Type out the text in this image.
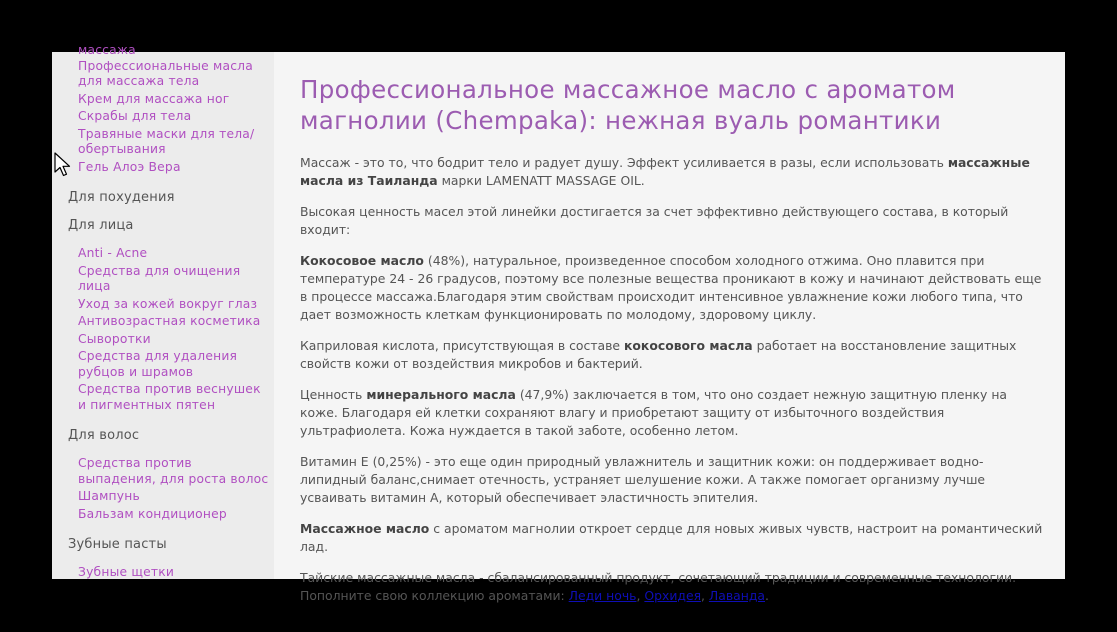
массажа
Профессиональные масла для массажа тела
Крем для массажа ног
Скрабы для тела
Травяные маски для тела/обертывания
Гель Алоэ Вера
Для похудения
Для лица
Anti - Acne
Средства для очищения лица
Уход за кожей вокруг глаз
Антивозрастная косметика
Сыворотки
Средства для удаления рубцов и шрамов
Средства против веснушек и пигментных пятен
Для волос
Средства против выпадения, для роста волос
Шампунь
Бальзам кондиционер
Зубные пасты
Зубные щетки
Профессиональное массажное масло с ароматом магнолии (Chempaka): нежная вуаль романтики

Массаж - это то, что бодрит тело и радует душу. Эффект усиливается в разы, если использовать массажные масла из Таиланда марки LAMENATT MASSAGE OIL.

Высокая ценность масел этой линейки достигается за счет эффективно действующего состава, в который входит:

Кокосовое масло (48%), натуральное, произведенное способом холодного отжима. Оно плавится при температуре 24 - 26 градусов, поэтому все полезные вещества проникают в кожу и начинают действовать еще в процессе массажа.Благодаря этим свойствам происходит интенсивное увлажнение кожи любого типа, что дает возможность клеткам функционировать по молодому, здоровому циклу.

Каприловая кислота, присутствующая в составе кокосового масла работает на восстановление защитных свойств кожи от воздействия микробов и бактерий.

Ценность минерального масла (47,9%) заключается в том, что оно создает нежную защитную пленку на коже. Благодаря ей клетки сохраняют влагу и приобретают защиту от избыточного воздействия ультрафиолета. Кожа нуждается в такой заботе, особенно летом.

Витамин Е (0,25%) - это еще один природный увлажнитель и защитник кожи: он поддерживает водно-липидный баланс,снимает отечность, устраняет шелушение кожи. А также помогает организму лучше усваивать витамин А, который обеспечивает эластичность эпителия.

Массажное масло с ароматом магнолии откроет сердце для новых живых чувств, настроит на романтический лад.

Тайские массажные масла - сбалансированный продукт, сочетающий традиции и современные технологии. Пополните свою коллекцию ароматами: Леди ночь, Орхидея, Лаванда.
